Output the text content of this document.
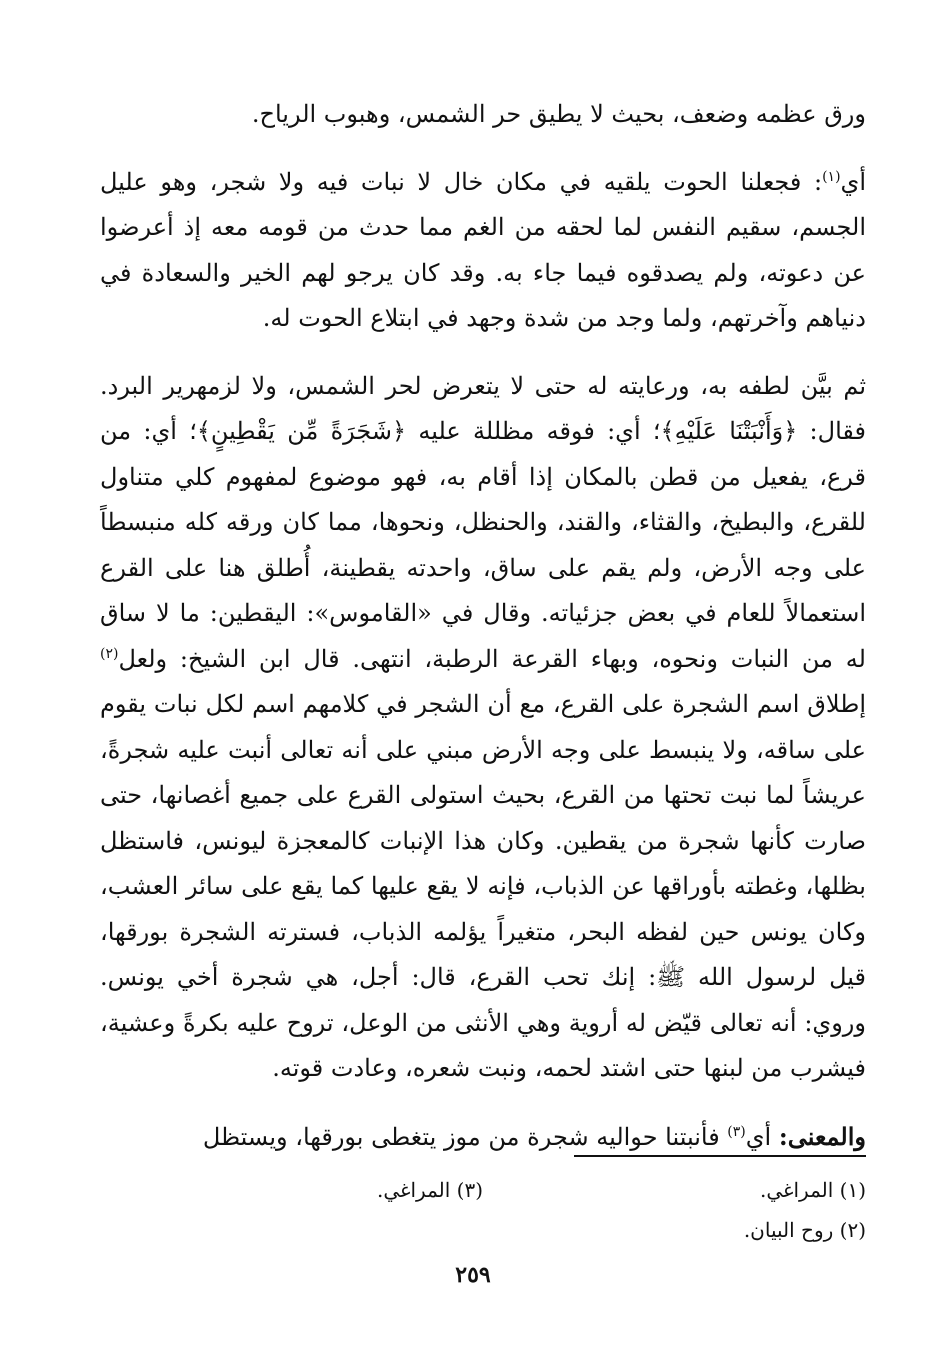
ورق عظمه وضعف، بحيث لا يطيق حر الشمس، وهبوب الرياح.

أي$^{(١)}$: فجعلنا الحوت يلقيه في مكان خال لا نبات فيه ولا شجر، وهو عليل الجسم، سقيم النفس لما لحقه من الغم مما حدث من قومه معه إذ أعرضوا عن دعوته، ولم يصدقوه فيما جاء به. وقد كان يرجو لهم الخير والسعادة في دنياهم وآخرتهم، ولما وجد من شدة وجهد في ابتلاع الحوت له.

ثم بيَّن لطفه به، ورعايته له حتى لا يتعرض لحر الشمس، ولا لزمهرير البرد. فقال: ﴿وَأَنْبَتْنَا عَلَيْهِ﴾؛ أي: فوقه مظللة عليه ﴿شَجَرَةً مِّن يَقْطِينٍ﴾؛ أي: من قرع، يفعيل من قطن بالمكان إذا أقام به، فهو موضوع لمفهوم كلي متناول للقرع، والبطيخ، والقثاء، والقند، والحنظل، ونحوها، مما كان ورقه كله منبسطاً على وجه الأرض، ولم يقم على ساق، واحدته يقطينة، أُطلق هنا على القرع استعمالاً للعام في بعض جزئياته. وقال في «القاموس»: اليقطين: ما لا ساق له من النبات ونحوه، وبهاء القرعة الرطبة، انتهى. قال ابن الشيخ: ولعل$^{(٢)}$ إطلاق اسم الشجرة على القرع، مع أن الشجر في كلامهم اسم لكل نبات يقوم على ساقه، ولا ينبسط على وجه الأرض مبني على أنه تعالى أنبت عليه شجرةً، عريشاً لما نبت تحتها من القرع، بحيث استولى القرع على جميع أغصانها، حتى صارت كأنها شجرة من يقطين. وكان هذا الإنبات كالمعجزة ليونس، فاستظل بظلها، وغطته بأوراقها عن الذباب، فإنه لا يقع عليها كما يقع على سائر العشب، وكان يونس حين لفظه البحر، متغيراً يؤلمه الذباب، فسترته الشجرة بورقها، قيل لرسول الله ﷺ: إنك تحب القرع، قال: أجل، هي شجرة أخي يونس. وروي: أنه تعالى قيّض له أروية وهي الأنثى من الوعل، تروح عليه بكرةً وعشية، فيشرب من لبنها حتى اشتد لحمه، ونبت شعره، وعادت قوته.

والمعنى: أي$^{(٣)}$ فأنبتنا حواليه شجرة من موز يتغطى بورقها، ويستظل

(١) المراغي.
(٣) المراغي.
(٢) روح البيان.
٢٥٩
